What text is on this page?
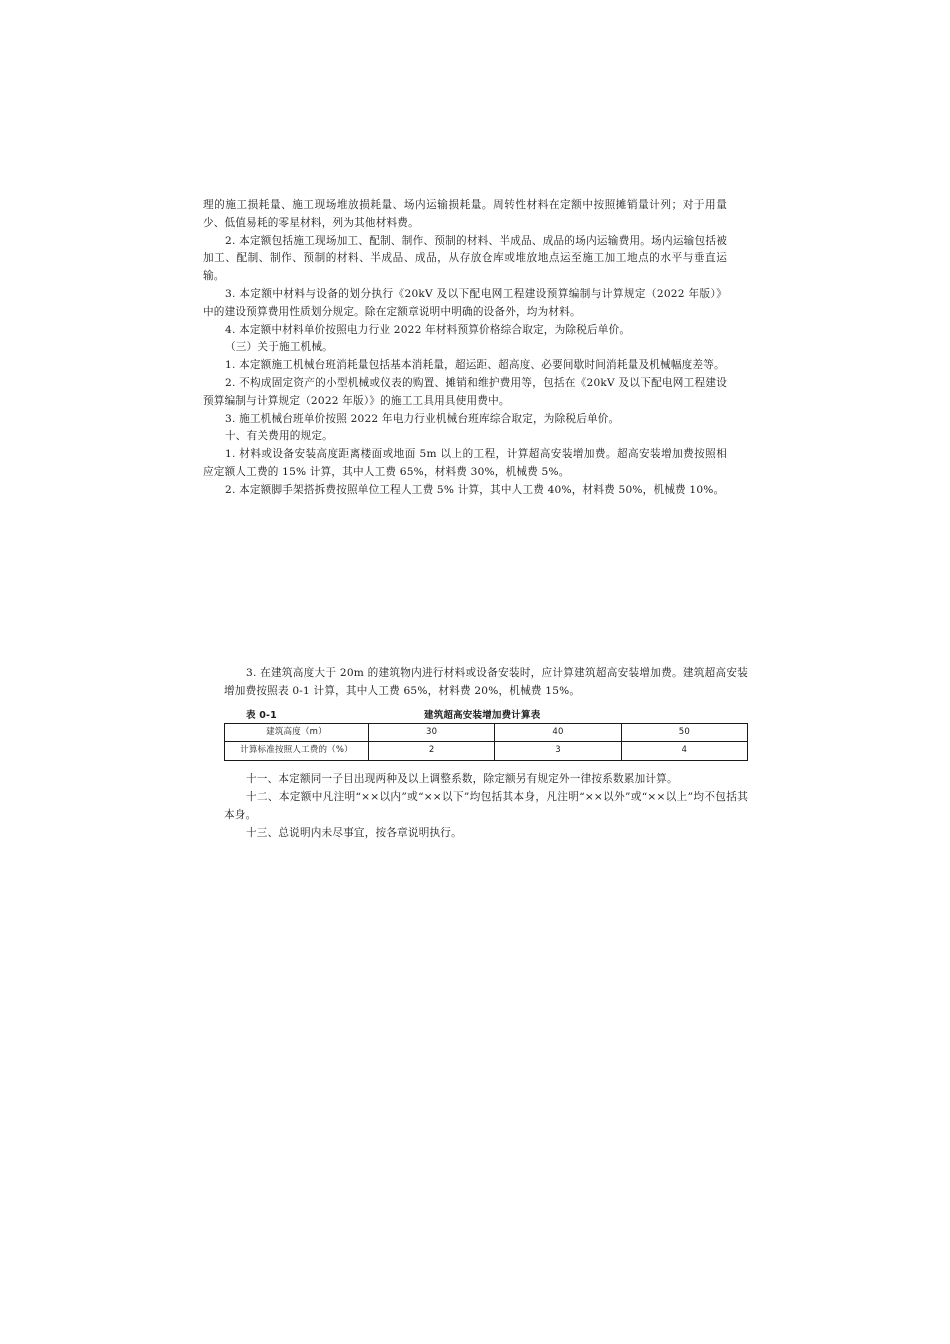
理的施工损耗量、施工现场堆放损耗量、场内运输损耗量。周转性材料在定额中按照摊销量计列；对于用量少、低值易耗的零星材料，列为其他材料费。

2. 本定额包括施工现场加工、配制、制作、预制的材料、半成品、成品的场内运输费用。场内运输包括被加工、配制、制作、预制的材料、半成品、成品，从存放仓库或堆放地点运至施工加工地点的水平与垂直运输。

3. 本定额中材料与设备的划分执行《20kV 及以下配电网工程建设预算编制与计算规定（2022 年版）》中的建设预算费用性质划分规定。除在定额章说明中明确的设备外，均为材料。

4. 本定额中材料单价按照电力行业 2022 年材料预算价格综合取定，为除税后单价。

（三）关于施工机械。

1. 本定额施工机械台班消耗量包括基本消耗量，超运距、超高度、必要间歇时间消耗量及机械幅度差等。

2. 不构成固定资产的小型机械或仪表的购置、摊销和维护费用等，包括在《20kV 及以下配电网工程建设预算编制与计算规定（2022 年版）》的施工工具用具使用费中。

3. 施工机械台班单价按照 2022 年电力行业机械台班库综合取定，为除税后单价。

十、有关费用的规定。

1. 材料或设备安装高度距离楼面或地面 5m 以上的工程，计算超高安装增加费。超高安装增加费按照相应定额人工费的 15% 计算，其中人工费 65%，材料费 30%，机械费 5%。

2. 本定额脚手架搭拆费按照单位工程人工费 5% 计算，其中人工费 40%，材料费 50%，机械费 10%。

3. 在建筑高度大于 20m 的建筑物内进行材料或设备安装时，应计算建筑超高安装增加费。建筑超高安装增加费按照表 0-1 计算，其中人工费 65%，材料费 20%，机械费 15%。

表 0-1	建筑超高安装增加费计算表
建筑高度（m）	30	40	50
计算标准按照人工费的（%）	2	3	4

十一、本定额同一子目出现两种及以上调整系数，除定额另有规定外一律按系数累加计算。

十二、本定额中凡注明“××以内”或“××以下”均包括其本身，凡注明“××以外”或“××以上”均不包括其本身。

十三、总说明内未尽事宜，按各章说明执行。
